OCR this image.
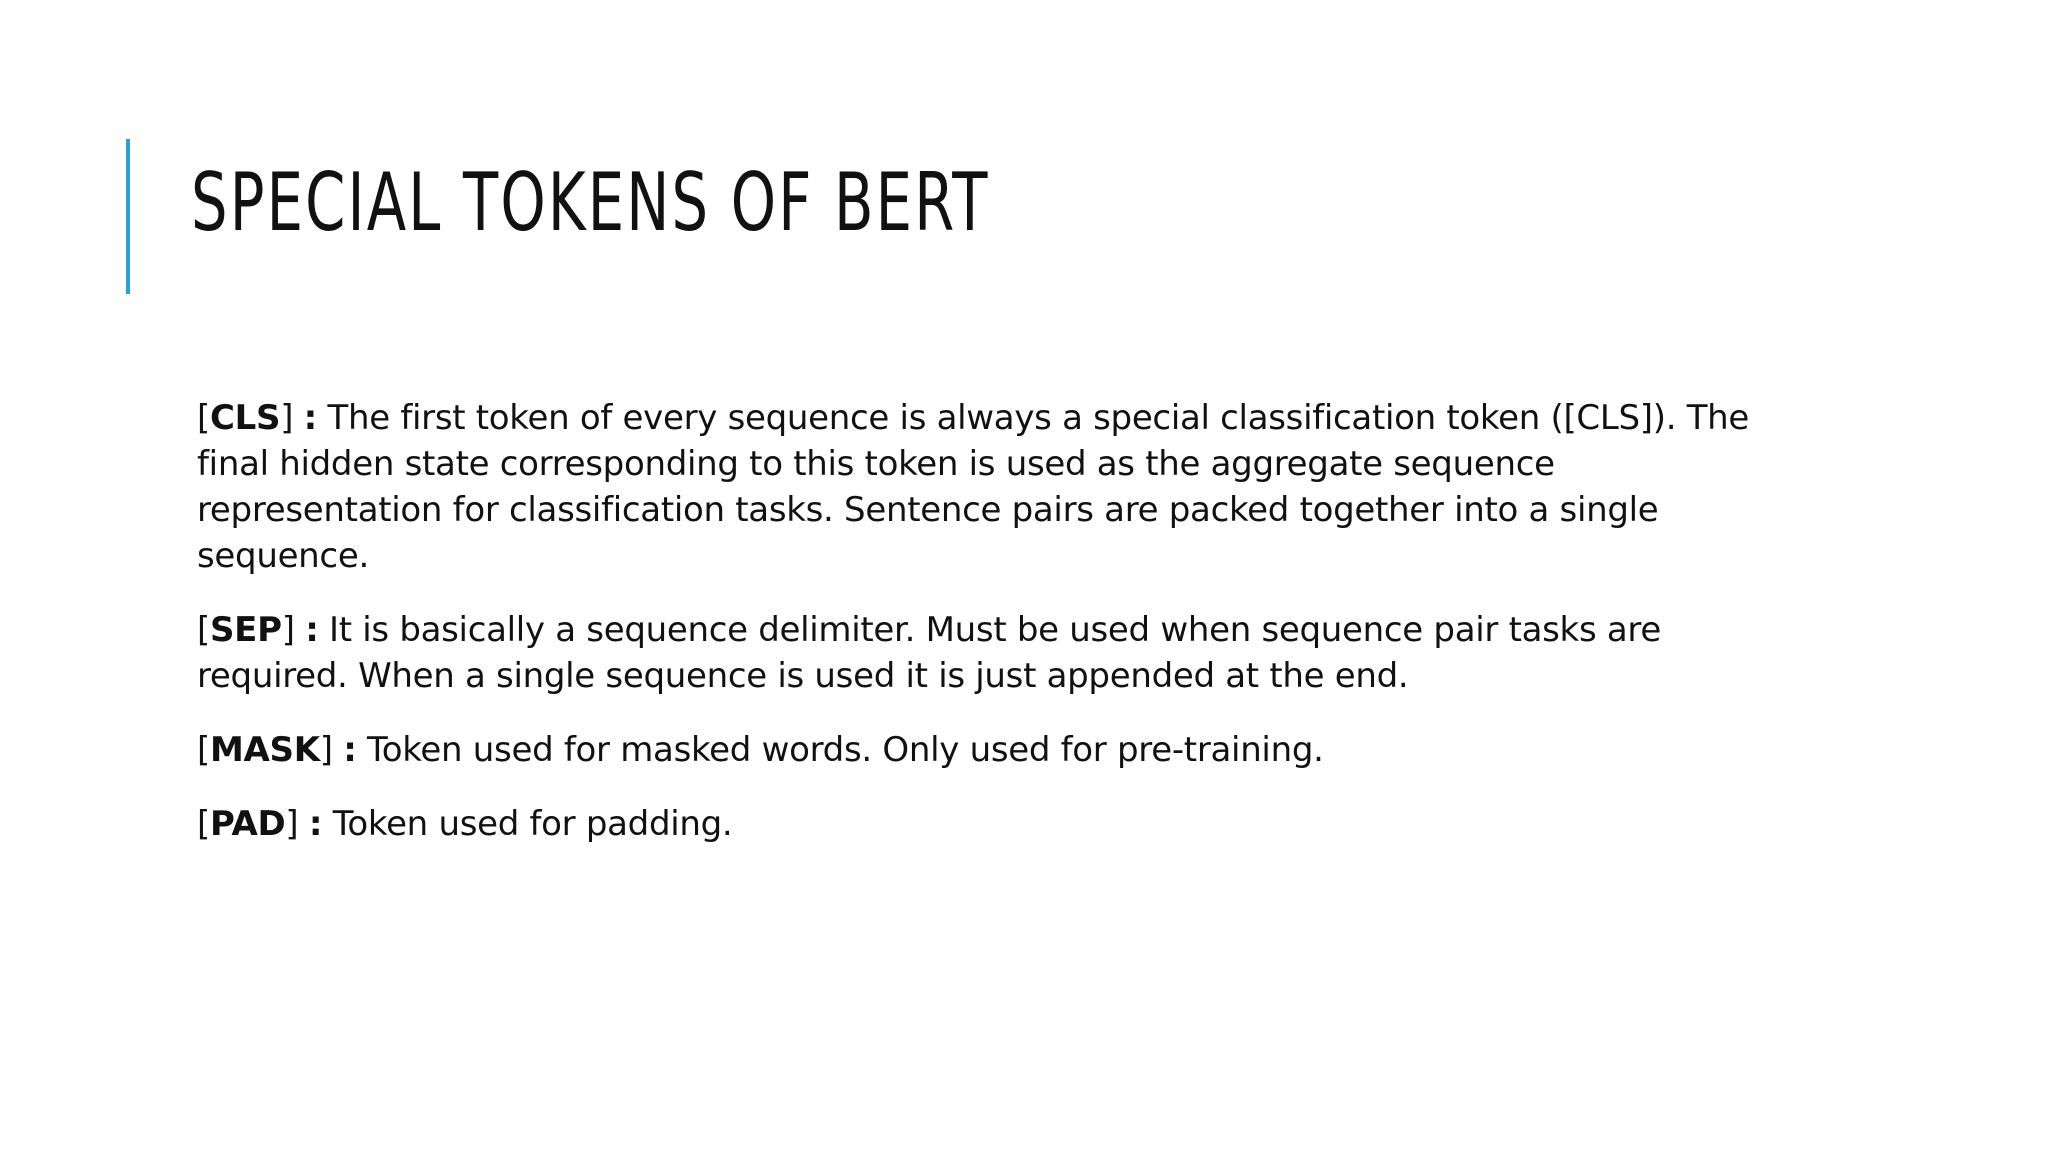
SPECIAL TOKENS OF BERT

[CLS] : The first token of every sequence is always a special classification token ([CLS]). The final hidden state corresponding to this token is used as the aggregate sequence representation for classification tasks. Sentence pairs are packed together into a single sequence.

[SEP] : It is basically a sequence delimiter. Must be used when sequence pair tasks are required. When a single sequence is used it is just appended at the end.

[MASK] : Token used for masked words. Only used for pre-training.

[PAD] : Token used for padding.
